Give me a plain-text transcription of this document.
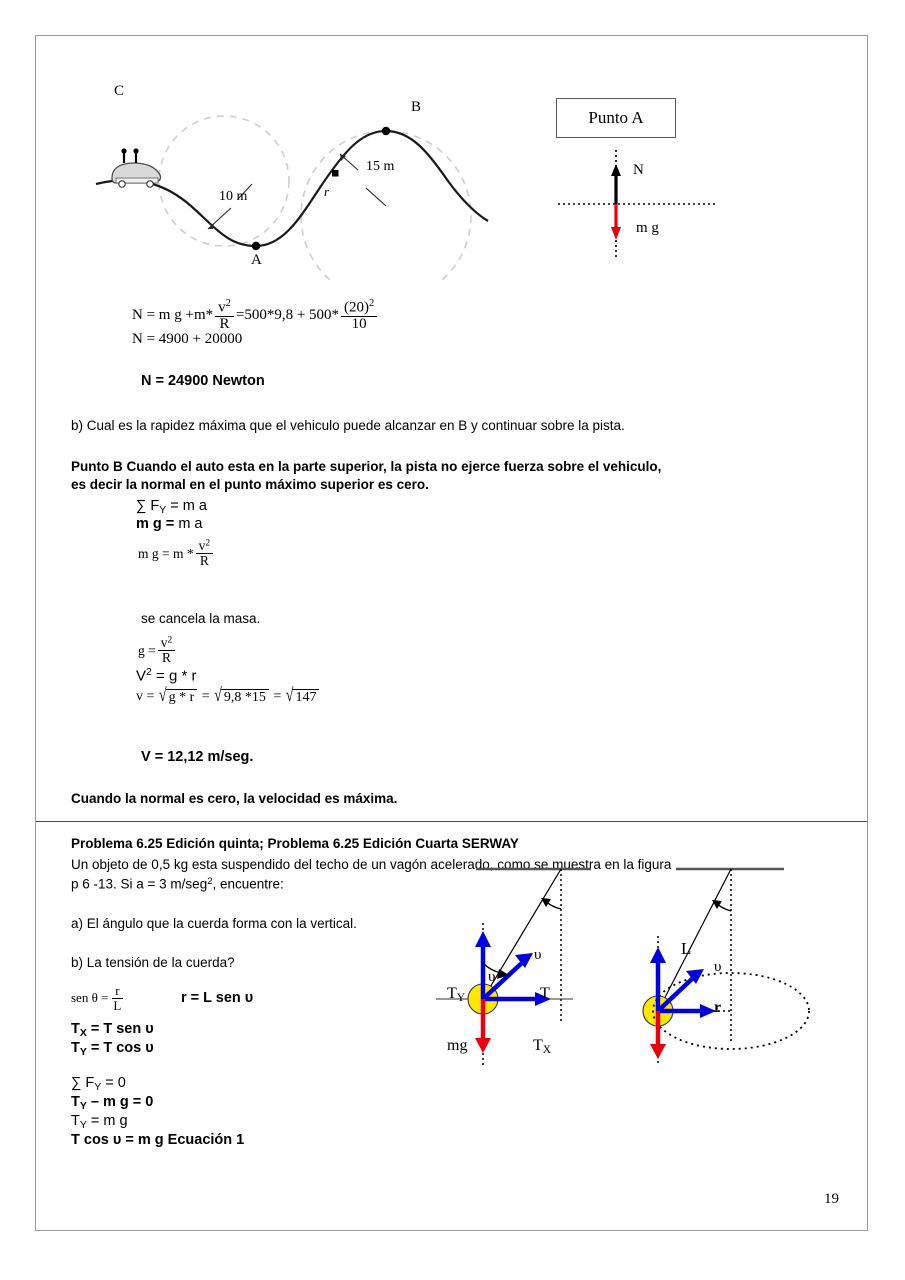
C
A
B
r
10 m
15 m
Punto A
N
m g
N =
m g
+ $m* \frac{v^2}{R} = 500*9,8$
+
$500* \frac{(20)^2}{10}$
N = 4900 + 20000
N = 24900 Newton
b) Cual es la rapidez máxima que el vehiculo puede alcanzar en B y continuar sobre la pista.
Punto B Cuando el auto esta en la parte superior, la pista no ejerce fuerza sobre el vehiculo,
es decir la normal en el punto máximo superior es cero.
∑ $F_Y = m$ a
m g = m a
m $g = m * \frac{v^2}{R}$
se cancela la masa.
$g = \frac{v^2}{R}$
$V^2 = g * r$
v =
√ g * r
=
√ 9,8 *15
=
√ 147
V = 12,12 m/seg.
Cuando la normal es cero, la velocidad es máxima.
Problema 6.25 Edición quinta; Problema 6.25 Edición Cuarta SERWAY
Un objeto de 0,5 kg esta suspendido del techo de un vagón acelerado, como se muestra en la figura
p 6 -13. Si a = 3 m/seg$^2$, encuentre:
a) El ángulo que la cuerda forma con la vertical.
b) La tensión de la cuerda?
sen $\theta = \frac{r}{L}$	r = L sen υ
$T_X = T$ sen υ
$T_Y = T$ cos υ
∑ $F_Y = 0$
$T_Y$ – m g = 0
$T_Y = m$ g
T cos υ = m g Ecuación 1
υ
υ
T
$T_Y$
$T_X$
mg
L
υ
r
19
